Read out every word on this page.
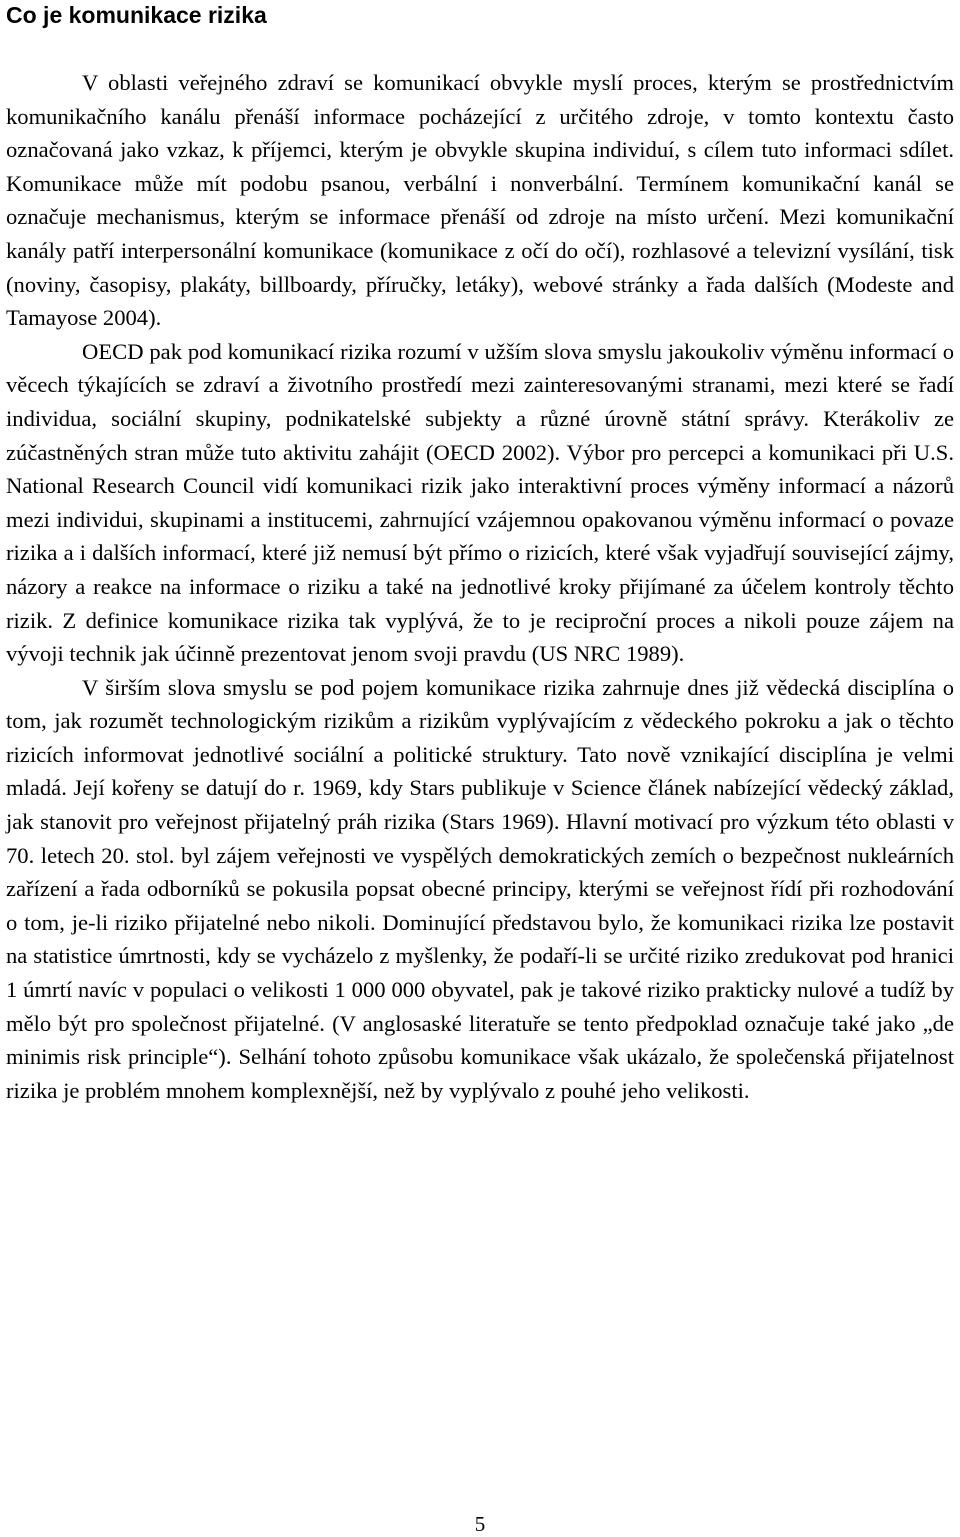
Co je komunikace rizika

V oblasti veřejného zdraví se komunikací obvykle myslí proces, kterým se prostřednictvím komunikačního kanálu přenáší informace pocházející z určitého zdroje, v tomto kontextu často označovaná jako vzkaz, k příjemci, kterým je obvykle skupina individuí, s cílem tuto informaci sdílet. Komunikace může mít podobu psanou, verbální i nonverbální. Termínem komunikační kanál se označuje mechanismus, kterým se informace přenáší od zdroje na místo určení. Mezi komunikační kanály patří interpersonální komunikace (komunikace z očí do očí), rozhlasové a televizní vysílání, tisk (noviny, časopisy, plakáty, billboardy, příručky, letáky), webové stránky a řada dalších (Modeste and Tamayose 2004).

OECD pak pod komunikací rizika rozumí v užším slova smyslu jakoukoliv výměnu informací o věcech týkajících se zdraví a životního prostředí mezi zainteresovanými stranami, mezi které se řadí individua, sociální skupiny, podnikatelské subjekty a různé úrovně státní správy. Kterákoliv ze zúčastněných stran může tuto aktivitu zahájit (OECD 2002). Výbor pro percepci a komunikaci při U.S. National Research Council vidí komunikaci rizik jako interaktivní proces výměny informací a názorů mezi individui, skupinami a institucemi, zahrnující vzájemnou opakovanou výměnu informací o povaze rizika a i dalších informací, které již nemusí být přímo o rizicích, které však vyjadřují související zájmy, názory a reakce na informace o riziku a také na jednotlivé kroky přijímané za účelem kontroly těchto rizik. Z definice komunikace rizika tak vyplývá, že to je reciproční proces a nikoli pouze zájem na vývoji technik jak účinně prezentovat jenom svoji pravdu (US NRC 1989).

V širším slova smyslu se pod pojem komunikace rizika zahrnuje dnes již vědecká disciplína o tom, jak rozumět technologickým rizikům a rizikům vyplývajícím z vědeckého pokroku a jak o těchto rizicích informovat jednotlivé sociální a politické struktury. Tato nově vznikající disciplína je velmi mladá. Její kořeny se datují do r. 1969, kdy Stars publikuje v Science článek nabízející vědecký základ, jak stanovit pro veřejnost přijatelný práh rizika (Stars 1969). Hlavní motivací pro výzkum této oblasti v 70. letech 20. stol. byl zájem veřejnosti ve vyspělých demokratických zemích o bezpečnost nukleárních zařízení a řada odborníků se pokusila popsat obecné principy, kterými se veřejnost řídí při rozhodování o tom, je-li riziko přijatelné nebo nikoli. Dominující představou bylo, že komunikaci rizika lze postavit na statistice úmrtnosti, kdy se vycházelo z myšlenky, že podaří-li se určité riziko zredukovat pod hranici 1 úmrtí navíc v populaci o velikosti 1 000 000 obyvatel, pak je takové riziko prakticky nulové a tudíž by mělo být pro společnost přijatelné. (V anglosaské literatuře se tento předpoklad označuje také jako „de minimis risk principle“). Selhání tohoto způsobu komunikace však ukázalo, že společenská přijatelnost rizika je problém mnohem komplexnější, než by vyplývalo z pouhé jeho velikosti.

5
